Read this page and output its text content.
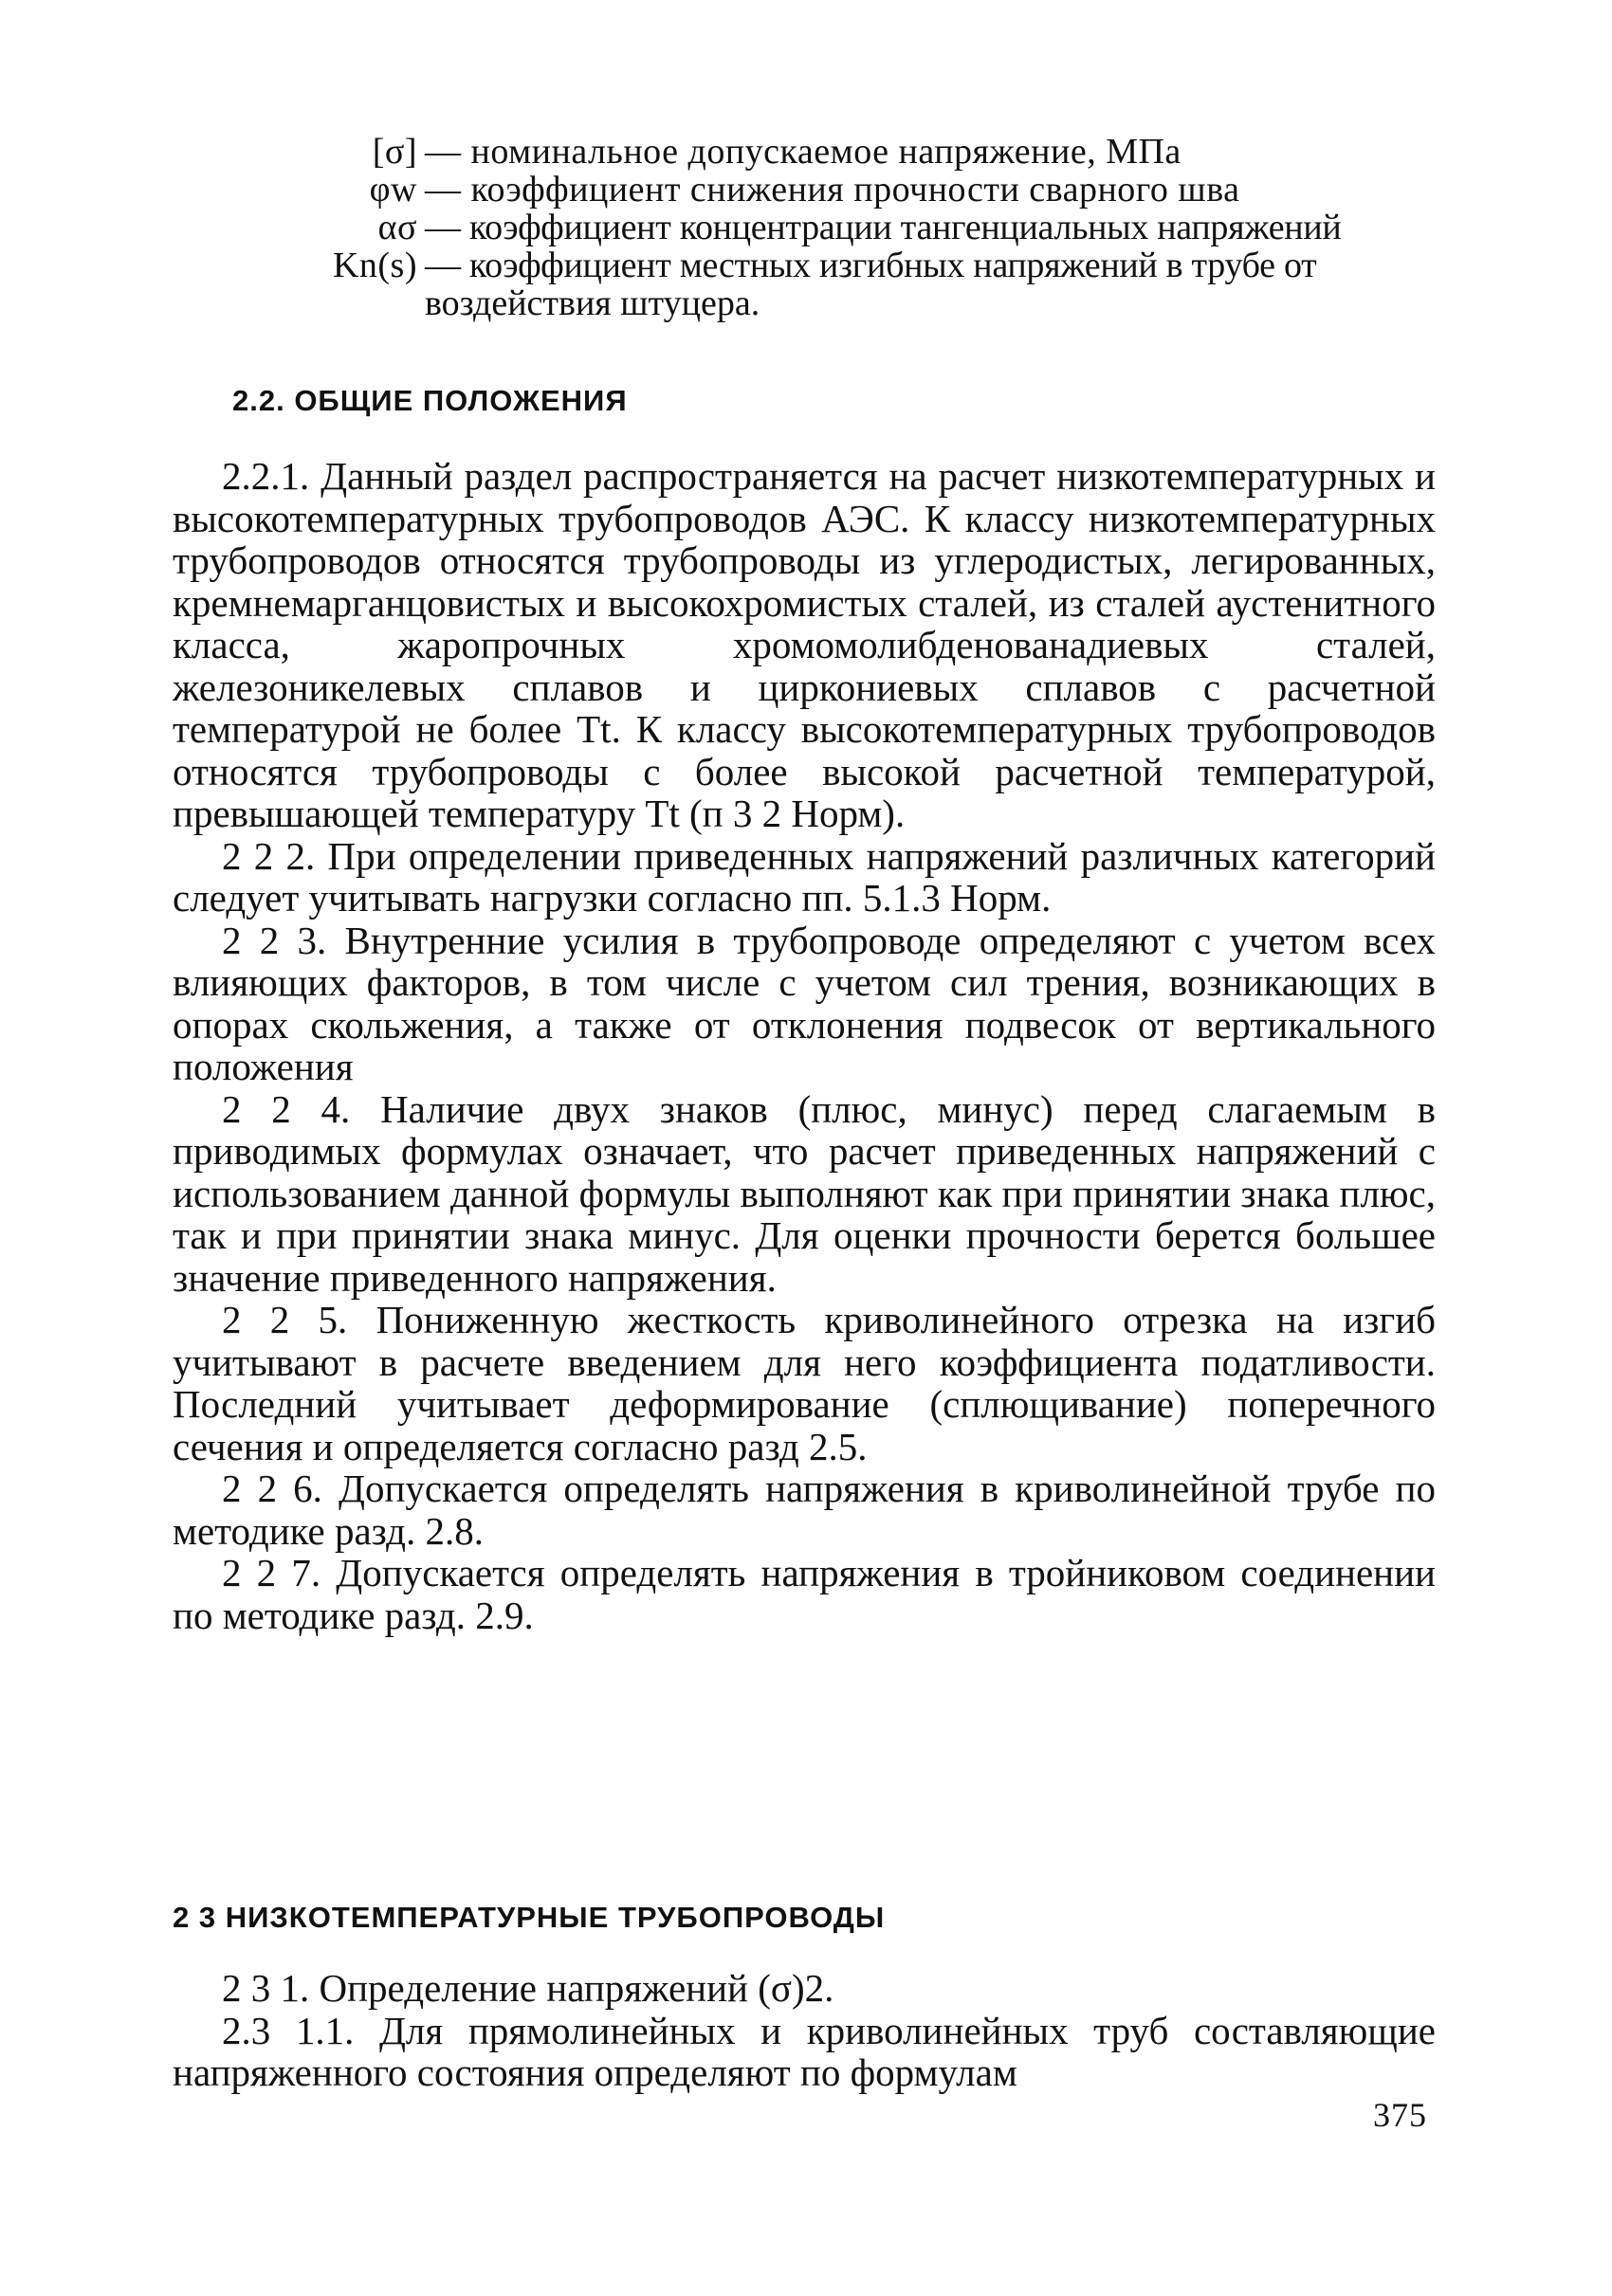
[σ] — номинальное допускаемое напряжение, МПа
φw — коэффициент снижения прочности сварного шва
ασ — коэффициент концентрации тангенциальных напряжений
Kn(s) — коэффициент местных изгибных напряжений в трубе от
воздействия штуцера.
2.2. ОБЩИЕ ПОЛОЖЕНИЯ

2.2.1. Данный раздел распространяется на расчет низкотемпературных и высокотемпературных трубопроводов АЭС. К классу низкотемпературных трубопроводов относятся трубопроводы из углеродистых, легированных, кремнемарганцовистых и высокохромистых сталей, из сталей аустенитного класса, жаропрочных хромомолибденованадиевых сталей, железоникелевых сплавов и циркониевых сплавов с расчетной температурой не более Tt. К классу высокотемпературных трубопроводов относятся трубопроводы с более высокой расчетной температурой, превышающей температуру Tt (п 3 2 Норм).

2 2 2. При определении приведенных напряжений различных категорий следует учитывать нагрузки согласно пп. 5.1.3 Норм.

2 2 3. Внутренние усилия в трубопроводе определяют с учетом всех влияющих факторов, в том числе с учетом сил трения, возникающих в опорах скольжения, а также от отклонения подвесок от вертикального положения

2 2 4. Наличие двух знаков (плюс, минус) перед слагаемым в приводимых формулах означает, что расчет приведенных напряжений с использованием данной формулы выполняют как при принятии знака плюс, так и при принятии знака минус. Для оценки прочности берется большее значение приведенного напряжения.

2 2 5. Пониженную жесткость криволинейного отрезка на изгиб учитывают в расчете введением для него коэффициента податливости. Последний учитывает деформирование (сплющивание) поперечного сечения и определяется согласно разд 2.5.

2 2 6. Допускается определять напряжения в криволинейной трубе по методике разд. 2.8.

2 2 7. Допускается определять напряжения в тройниковом соединении по методике разд. 2.9.

2 3 НИЗКОТЕМПЕРАТУРНЫЕ ТРУБОПРОВОДЫ

2 3 1. Определение напряжений (σ)2.

2.3 1.1. Для прямолинейных и криволинейных труб составляющие напряженного состояния определяют по формулам

375
